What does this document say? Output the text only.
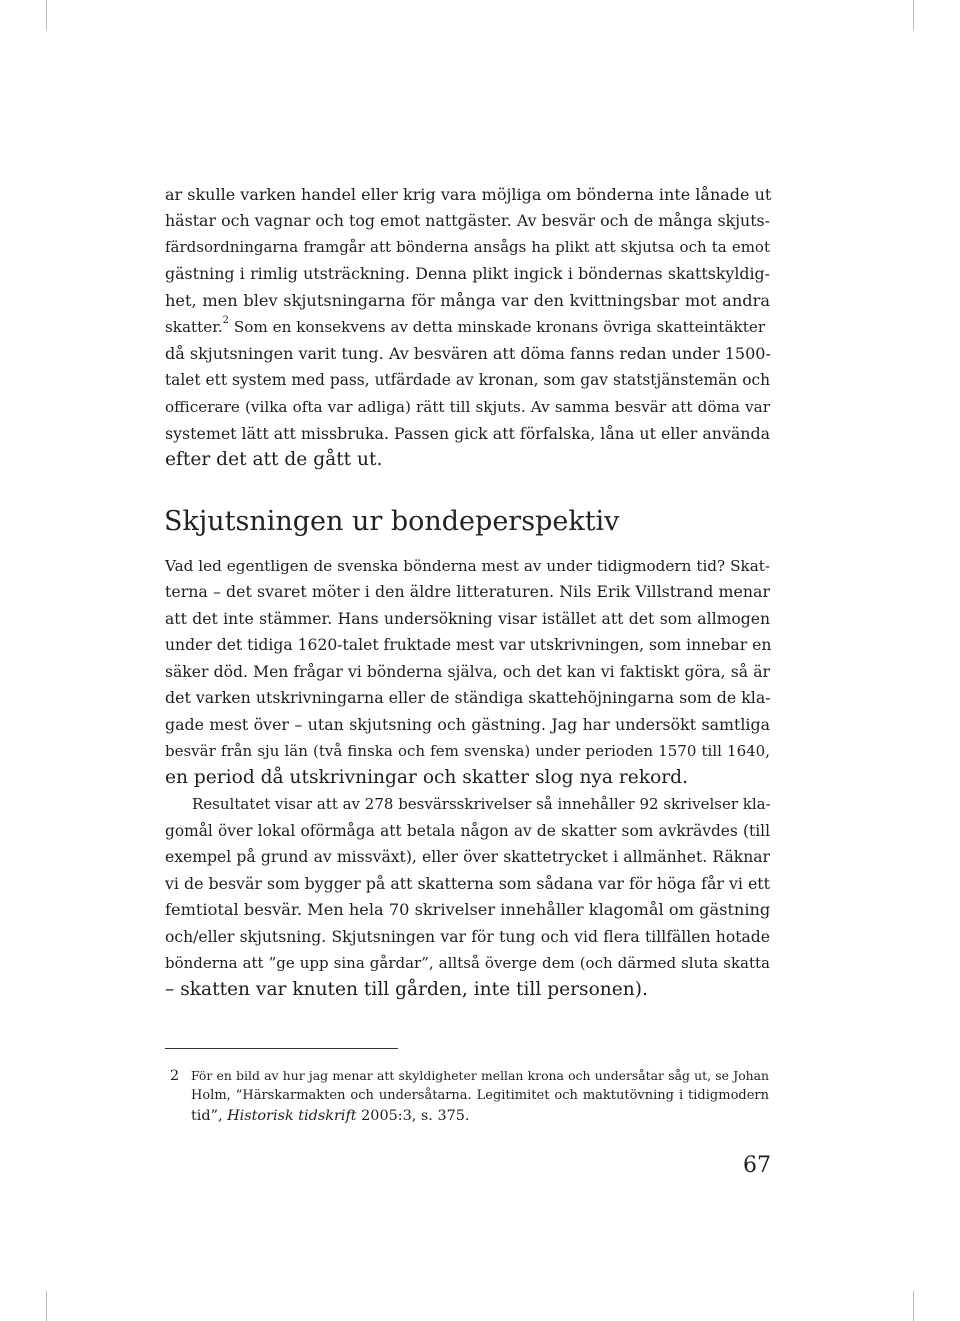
ar skulle varken handel eller krig vara möjliga om bönderna inte lånade ut
hästar och vagnar och tog emot nattgäster. Av besvär och de många skjuts-
färdsordningarna framgår att bönderna ansågs ha plikt att skjutsa och ta emot
gästning i rimlig utsträckning. Denna plikt ingick i böndernas skattskyldig-
het, men blev skjutsningarna för många var den kvittningsbar mot andra
skatter.$^2$ Som en konsekvens av detta minskade kronans övriga skatteintäkter
då skjutsningen varit tung. Av besvären att döma fanns redan under 1500-
talet ett system med pass, utfärdade av kronan, som gav statstjänstemän och
officerare (vilka ofta var adliga) rätt till skjuts. Av samma besvär att döma var
systemet lätt att missbruka. Passen gick att förfalska, låna ut eller använda
efter det att de gått ut.
Skjutsningen ur bondeperspektiv
Vad led egentligen de svenska bönderna mest av under tidigmodern tid? Skat-
terna – det svaret möter i den äldre litteraturen. Nils Erik Villstrand menar
att det inte stämmer. Hans undersökning visar istället att det som allmogen
under det tidiga 1620-talet fruktade mest var utskrivningen, som innebar en
säker död. Men frågar vi bönderna själva, och det kan vi faktiskt göra, så är
det varken utskrivningarna eller de ständiga skattehöjningarna som de kla-
gade mest över – utan skjutsning och gästning. Jag har undersökt samtliga
besvär från sju län (två finska och fem svenska) under perioden 1570 till 1640,
en period då utskrivningar och skatter slog nya rekord.
Resultatet visar att av 278 besvärsskrivelser så innehåller 92 skrivelser kla-
gomål över lokal oförmåga att betala någon av de skatter som avkrävdes (till
exempel på grund av missväxt), eller över skattetrycket i allmänhet. Räknar
vi de besvär som bygger på att skatterna som sådana var för höga får vi ett
femtiotal besvär. Men hela 70 skrivelser innehåller klagomål om gästning
och/eller skjutsning. Skjutsningen var för tung och vid flera tillfällen hotade
bönderna att ”ge upp sina gårdar”, alltså överge dem (och därmed sluta skatta
– skatten var knuten till gården, inte till personen).
2 För en bild av hur jag menar att skyldigheter mellan krona och undersåtar såg ut, se Johan
Holm, ”Härskarmakten och undersåtarna. Legitimitet och maktutövning i tidigmodern
tid”, Historisk tidskrift 2005:3, s. 375.
67
